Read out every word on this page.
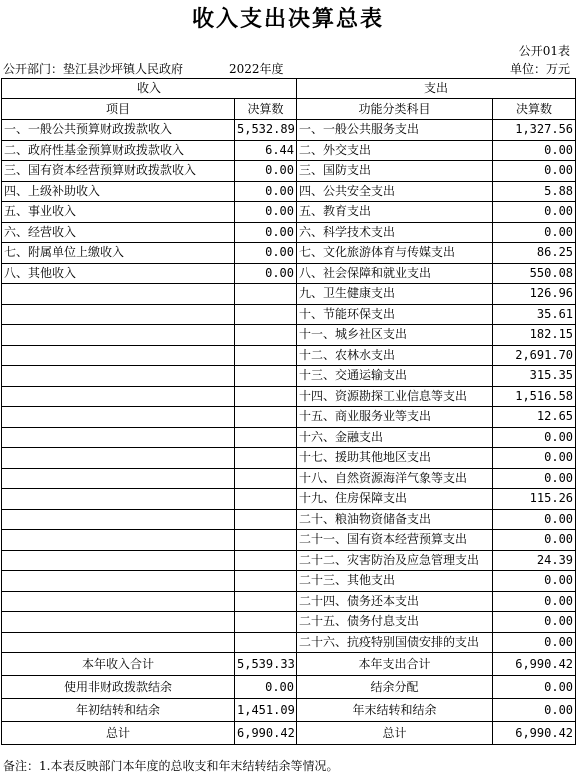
收入支出决算总表
公开01表
公开部门：垫江县沙坪镇人民政府	2022年度	单位：万元
收入		支出	
项目	决算数	功能分类科目	决算数
一、一般公共预算财政拨款收入	5,532.89	一、一般公共服务支出	1,327.56
二、政府性基金预算财政拨款收入	6.44	二、外交支出	0.00
三、国有资本经营预算财政拨款收入	0.00	三、国防支出	0.00
四、上级补助收入	0.00	四、公共安全支出	5.88
五、事业收入	0.00	五、教育支出	0.00
六、经营收入	0.00	六、科学技术支出	0.00
七、附属单位上缴收入	0.00	七、文化旅游体育与传媒支出	86.25
八、其他收入	0.00	八、社会保障和就业支出	550.08
		九、卫生健康支出	126.96
		十、节能环保支出	35.61
		十一、城乡社区支出	182.15
		十二、农林水支出	2,691.70
		十三、交通运输支出	315.35
		十四、资源勘探工业信息等支出	1,516.58
		十五、商业服务业等支出	12.65
		十六、金融支出	0.00
		十七、援助其他地区支出	0.00
		十八、自然资源海洋气象等支出	0.00
		十九、住房保障支出	115.26
		二十、粮油物资储备支出	0.00
		二十一、国有资本经营预算支出	0.00
		二十二、灾害防治及应急管理支出	24.39
		二十三、其他支出	0.00
		二十四、债务还本支出	0.00
		二十五、债务付息支出	0.00
		二十六、抗疫特别国债安排的支出	0.00
本年收入合计	5,539.33	本年支出合计	6,990.42
使用非财政拨款结余	0.00	结余分配	0.00
年初结转和结余	1,451.09	年末结转和结余	0.00
总计	6,990.42	总计	6,990.42
备注：1.本表反映部门本年度的总收支和年末结转结余等情况。
